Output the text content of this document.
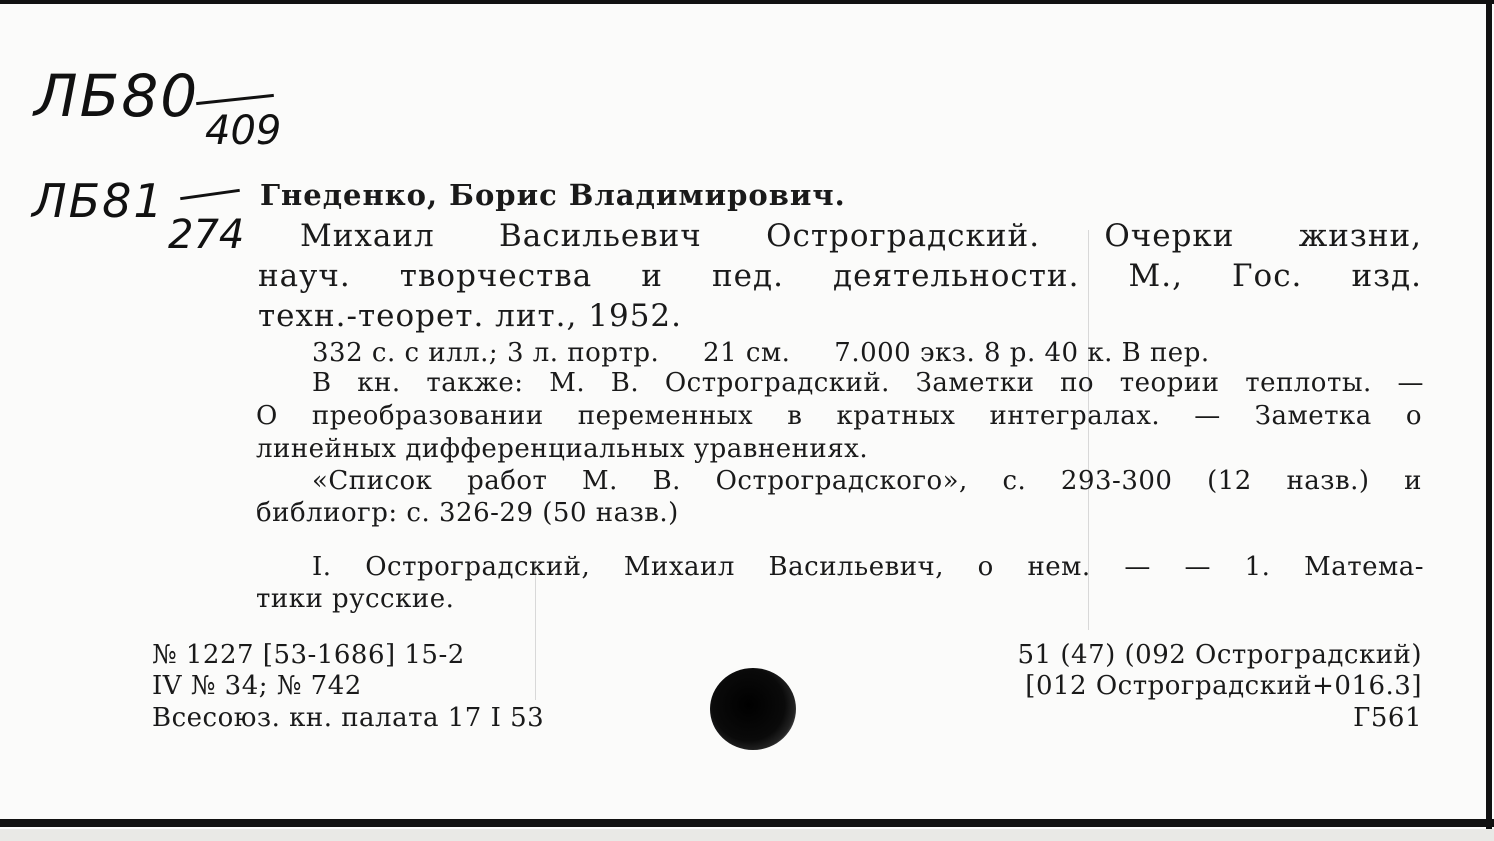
ЛБ80
409
ЛБ81
274
Гнеденко, Борис Владимирович.
Михаил Васильевич Остроградский. Очерки жизни,
науч. творчества и пед. деятельности. М., Гос. изд.
техн.-теорет. лит., 1952.
332 с. с илл.; 3 л. портр.     21 см.     7.000 экз. 8 р. 40 к. В пер.
В кн. также: М. В. Остроградский. Заметки по теории теплоты. —
О преобразовании переменных в кратных интегралах. — Заметка о
линейных дифференциальных уравнениях.
«Список работ М. В. Остроградского», с. 293-300 (12 назв.) и
библиогр: с. 326-29 (50 назв.)
I. Остроградский, Михаил Васильевич, о нем. — — 1. Матема-
тики русские.
№ 1227 [53-1686] 15-2
IV № 34; № 742
Всесоюз. кн. палата 17 I 53
51 (47) (092 Остроградский)
[012 Остроградский+016.3]
Г561
